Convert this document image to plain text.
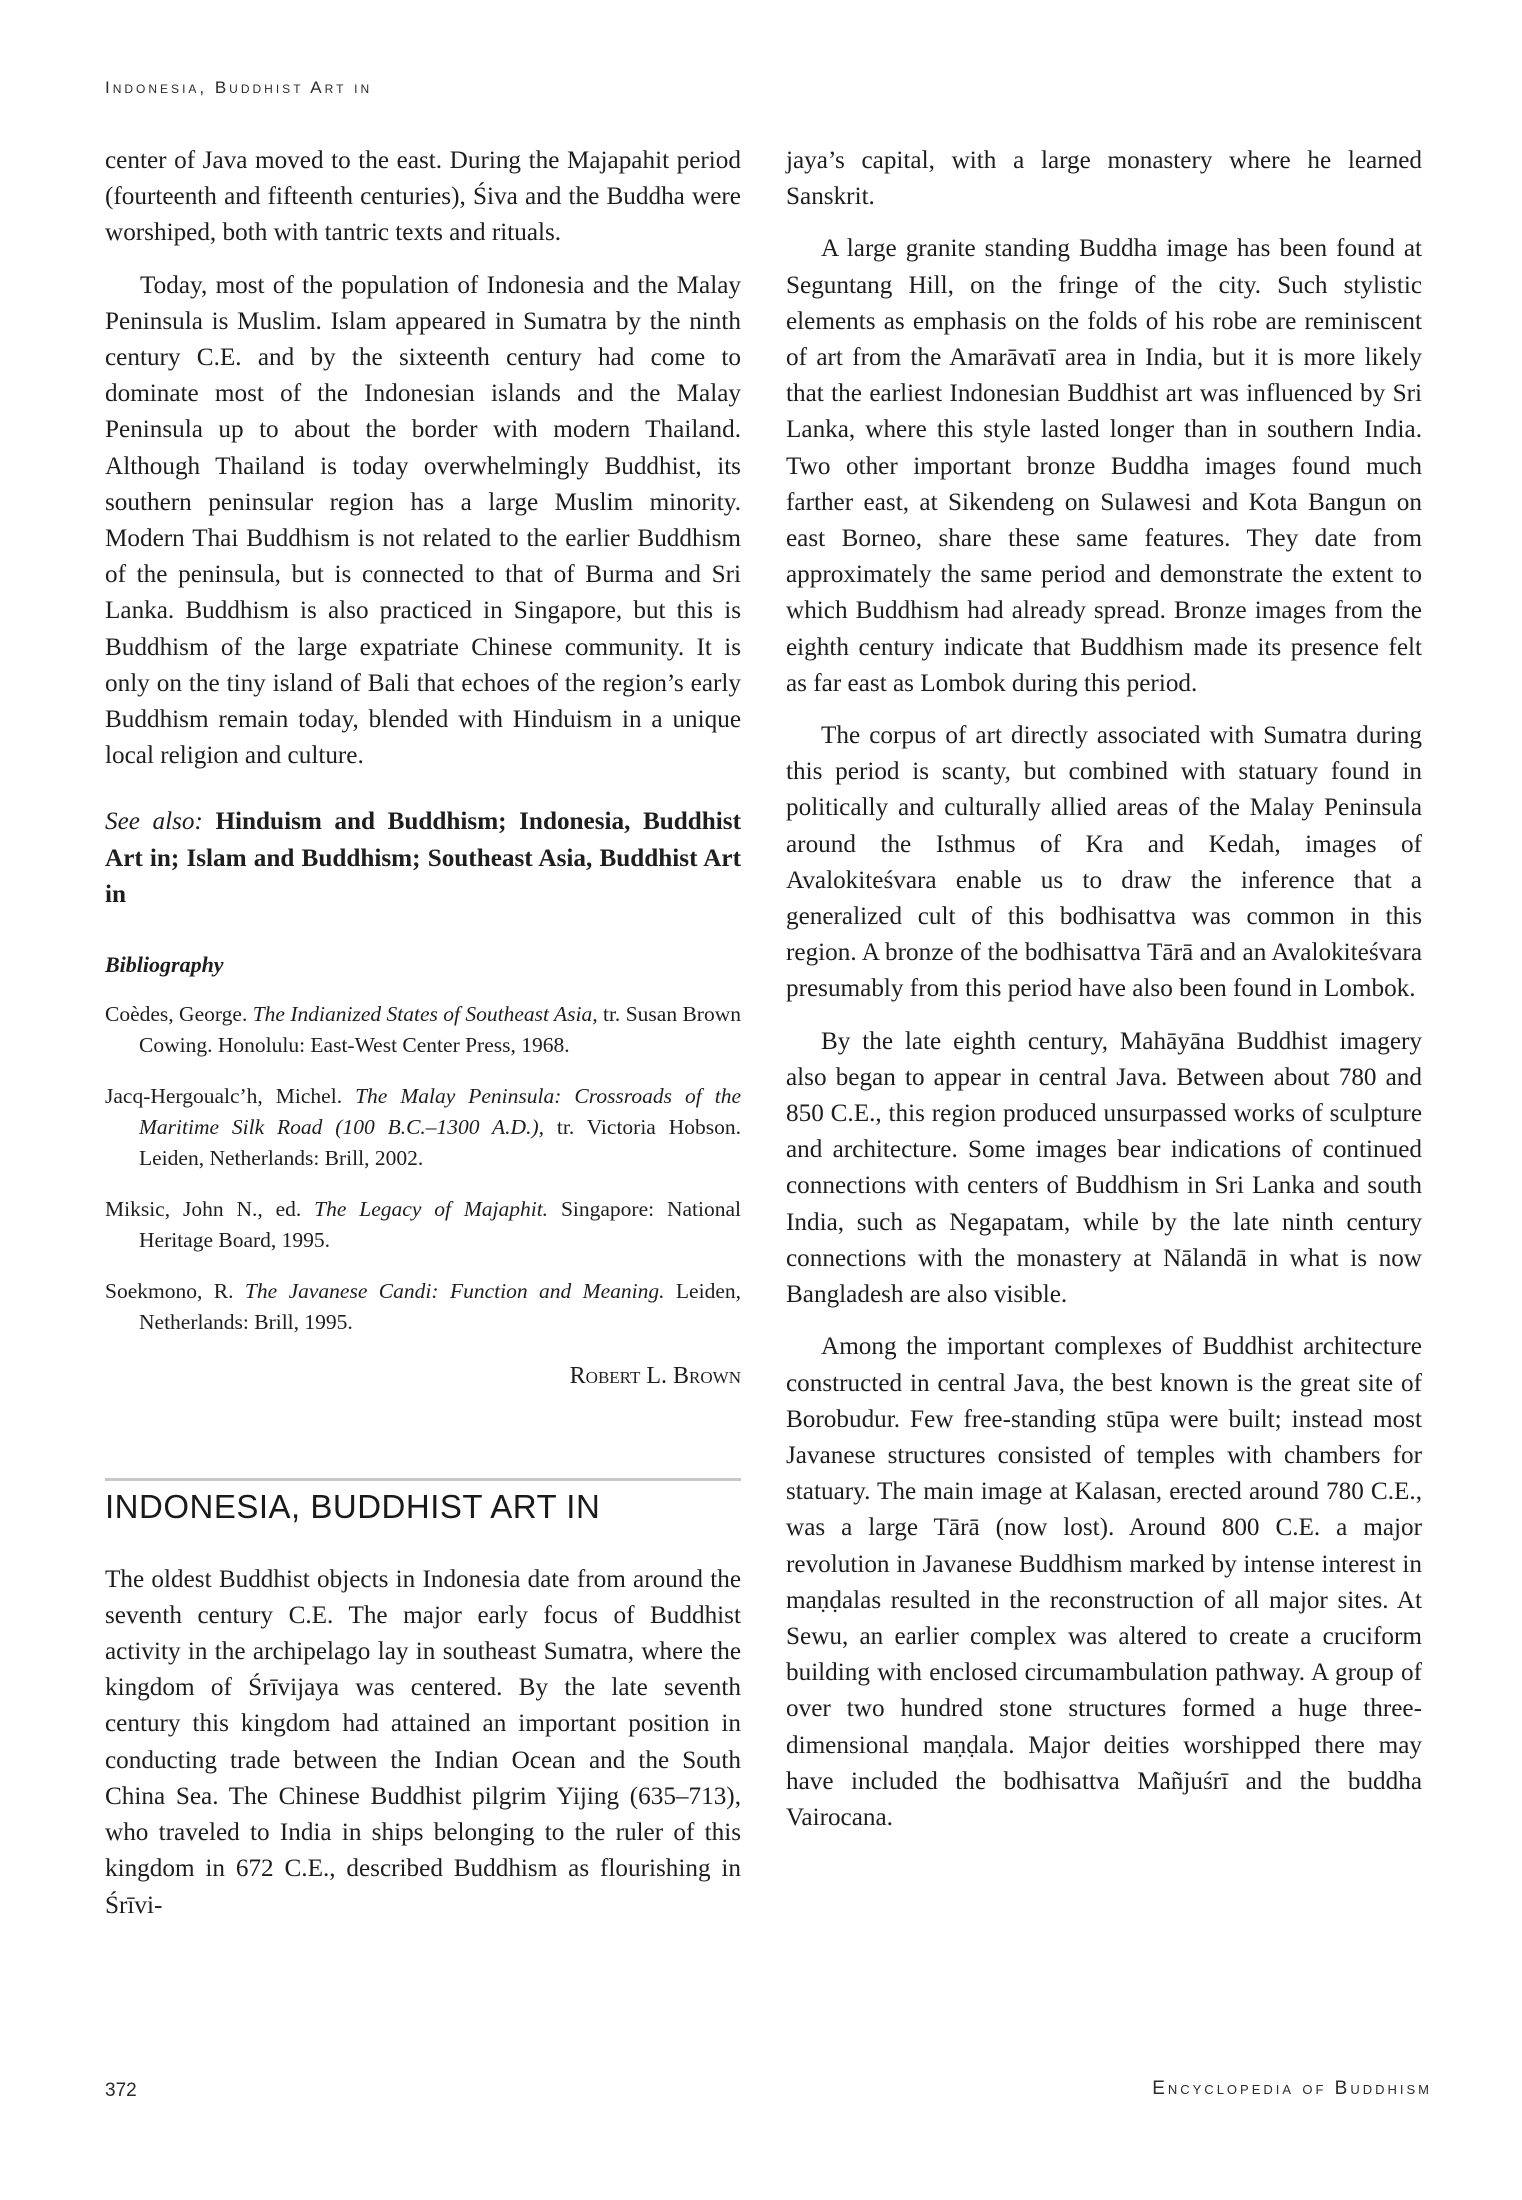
Indonesia, Buddhist Art in

center of Java moved to the east. During the Majapahit period (fourteenth and fifteenth centuries), Śiva and the Buddha were worshiped, both with tantric texts and rituals.

Today, most of the population of Indonesia and the Malay Peninsula is Muslim. Islam appeared in Sumatra by the ninth century C.E. and by the sixteenth century had come to dominate most of the Indonesian islands and the Malay Peninsula up to about the border with modern Thailand. Although Thailand is today overwhelmingly Buddhist, its southern peninsular region has a large Muslim minority. Modern Thai Buddhism is not related to the earlier Buddhism of the peninsula, but is connected to that of Burma and Sri Lanka. Buddhism is also practiced in Singapore, but this is Buddhism of the large expatriate Chinese community. It is only on the tiny island of Bali that echoes of the region’s early Buddhism remain today, blended with Hinduism in a unique local religion and culture.

See also: Hinduism and Buddhism; Indonesia, Buddhist Art in; Islam and Buddhism; Southeast Asia, Buddhist Art in

Bibliography
Coèdes, George. The Indianized States of Southeast Asia, tr. Susan Brown Cowing. Honolulu: East-West Center Press, 1968.
Jacq-Hergoualc’h, Michel. The Malay Peninsula: Crossroads of the Maritime Silk Road (100 B.C.–1300 A.D.), tr. Victoria Hobson. Leiden, Netherlands: Brill, 2002.
Miksic, John N., ed. The Legacy of Majaphit. Singapore: National Heritage Board, 1995.
Soekmono, R. The Javanese Candi: Function and Meaning. Leiden, Netherlands: Brill, 1995.
Robert L. Brown
INDONESIA, BUDDHIST ART IN

The oldest Buddhist objects in Indonesia date from around the seventh century C.E. The major early focus of Buddhist activity in the archipelago lay in southeast Sumatra, where the kingdom of Śrīvijaya was centered. By the late seventh century this kingdom had attained an important position in conducting trade between the Indian Ocean and the South China Sea. The Chinese Buddhist pilgrim Yijing (635–713), who traveled to India in ships belonging to the ruler of this kingdom in 672 C.E., described Buddhism as flourishing in Śrīvi-

jaya’s capital, with a large monastery where he learned Sanskrit.

A large granite standing Buddha image has been found at Seguntang Hill, on the fringe of the city. Such stylistic elements as emphasis on the folds of his robe are reminiscent of art from the Amarāvatī area in India, but it is more likely that the earliest Indonesian Buddhist art was influenced by Sri Lanka, where this style lasted longer than in southern India. Two other important bronze Buddha images found much farther east, at Sikendeng on Sulawesi and Kota Bangun on east Borneo, share these same features. They date from approximately the same period and demonstrate the extent to which Buddhism had already spread. Bronze images from the eighth century indicate that Buddhism made its presence felt as far east as Lombok during this period.

The corpus of art directly associated with Sumatra during this period is scanty, but combined with statuary found in politically and culturally allied areas of the Malay Peninsula around the Isthmus of Kra and Kedah, images of Avalokiteśvara enable us to draw the inference that a generalized cult of this bodhisattva was common in this region. A bronze of the bodhisattva Tārā and an Avalokiteśvara presumably from this period have also been found in Lombok.

By the late eighth century, Mahāyāna Buddhist imagery also began to appear in central Java. Between about 780 and 850 C.E., this region produced unsurpassed works of sculpture and architecture. Some images bear indications of continued connections with centers of Buddhism in Sri Lanka and south India, such as Negapatam, while by the late ninth century connections with the monastery at Nālandā in what is now Bangladesh are also visible.

Among the important complexes of Buddhist architecture constructed in central Java, the best known is the great site of Borobudur. Few free-standing stūpa were built; instead most Javanese structures consisted of temples with chambers for statuary. The main image at Kalasan, erected around 780 C.E., was a large Tārā (now lost). Around 800 C.E. a major revolution in Javanese Buddhism marked by intense interest in maṇḍalas resulted in the reconstruction of all major sites. At Sewu, an earlier complex was altered to create a cruciform building with enclosed circumambulation pathway. A group of over two hundred stone structures formed a huge three-dimensional maṇḍala. Major deities worshipped there may have included the bodhisattva Mañjuśrī and the buddha Vairocana.

372	Encyclopedia of Buddhism
